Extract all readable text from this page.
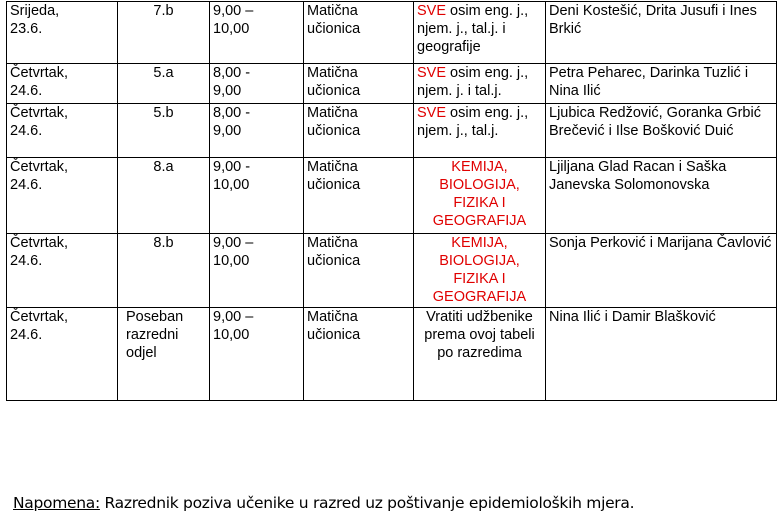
Srijeda,
23.6.	7.b	9,00 –
10,00	Matična
učionica	SVE osim eng. j., njem. j., tal.j. i geografije	Deni Kostešić, Drita Jusufi i Ines Brkić

Četvrtak,
24.6.	5.a	8,00 -
9,00	Matična
učionica	SVE osim eng. j., njem. j. i tal.j.	Petra Peharec, Darinka Tuzlić i Nina Ilić

Četvrtak,
24.6.	5.b	8,00 -
9,00	Matična
učionica	SVE osim eng. j., njem. j., tal.j.	Ljubica Redžović, Goranka Grbić Brečević i Ilse Bošković Duić

Četvrtak,
24.6.	8.a	9,00 -
10,00	Matična
učionica	KEMIJA, BIOLOGIJA, FIZIKA I GEOGRAFIJA	Ljiljana Glad Racan i Saška Janevska Solomonovska

Četvrtak,
24.6.	8.b	9,00 –
10,00	Matična
učionica	KEMIJA, BIOLOGIJA, FIZIKA I GEOGRAFIJA	Sonja Perković i Marijana Čavlović

Četvrtak,
24.6.	Poseban
razredni
odjel	9,00 –
10,00	Matična
učionica	Vratiti udžbenike prema ovoj tabeli po razredima	Nina Ilić i Damir Blašković
Napomena: Razrednik poziva učenike u razred uz poštivanje epidemioloških mjera.
